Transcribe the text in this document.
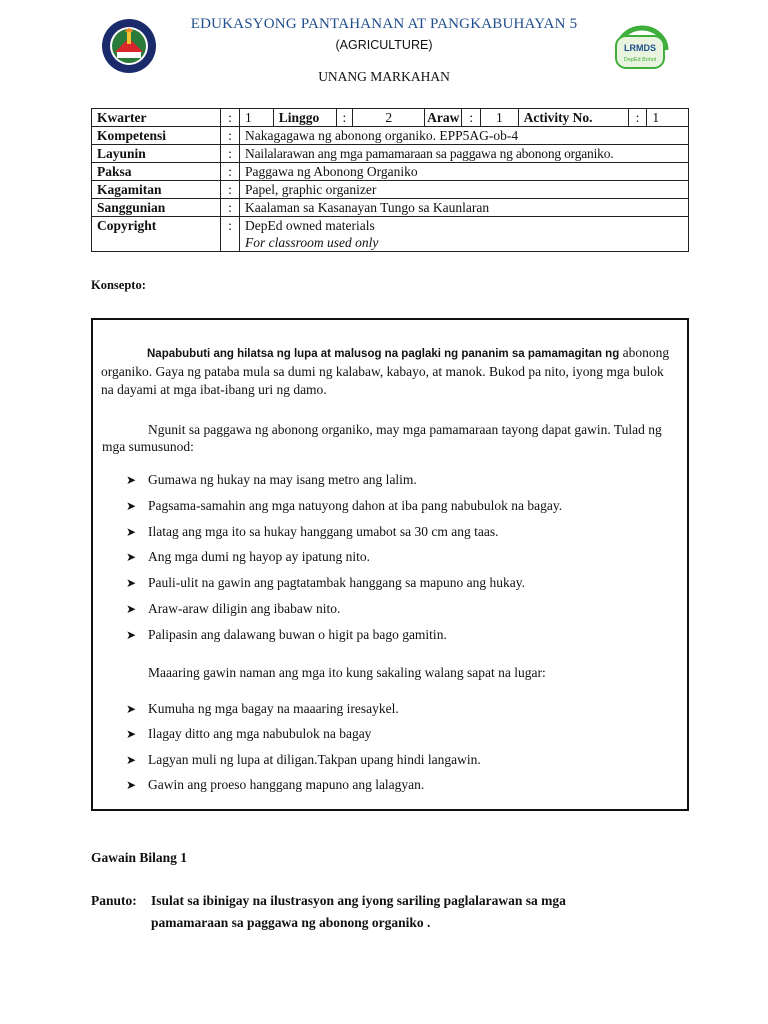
EDUKASYONG PANTAHANAN AT PANGKABUHAYAN 5
(AGRICULTURE)
UNANG MARKAHAN
LRMDS
DepEd Bohol
Kwarter	:	1	Linggo	:	2	Araw	:	1	Activity No.	:	1
Kompetensi	:	Nakagagawa ng abonong organiko. EPP5AG-ob-4									
Layunin	:	Nailalarawan ang mga pamamaraan sa paggawa ng abonong organiko.									
Paksa	:	Paggawa ng Abonong Organiko									
Kagamitan	:	Papel, graphic organizer									
Sanggunian	:	Kaalaman sa Kasanayan Tungo sa Kaunlaran									
Copyright	:	DepEd owned materials
For classroom used only									
Konsepto:
Napabubuti ang hilatsa ng lupa at malusog na paglaki ng pananim sa pamamagitan ng abonong organiko. Gaya ng pataba mula sa dumi ng kalabaw, kabayo, at manok. Bukod pa nito, iyong mga bulok na dayami at mga ibat-ibang uri ng damo.
Ngunit sa paggawa ng abonong organiko, may mga pamamaraan tayong dapat gawin. Tulad ng mga sumusunod:
➤ Gumawa ng hukay na may isang metro ang lalim.
➤ Pagsama-samahin ang mga natuyong dahon at iba pang nabubulok na bagay.
➤ Ilatag ang mga ito sa hukay hanggang umabot sa 30 cm ang taas.
➤ Ang mga dumi ng hayop ay ipatung nito.
➤ Pauli-ulit na gawin ang pagtatambak hanggang sa mapuno ang hukay.
➤ Araw-araw diligin ang ibabaw nito.
➤ Palipasin ang dalawang buwan o higit pa bago gamitin.
Maaaring gawin naman ang mga ito kung sakaling walang sapat na lugar:
➤ Kumuha ng mga bagay na maaaring iresaykel.
➤ Ilagay ditto ang mga nabubulok na bagay
➤ Lagyan muli ng lupa at diligan.Takpan upang hindi langawin.
➤ Gawin ang proeso hanggang mapuno ang lalagyan.
Gawain Bilang 1
Panuto: Isulat sa ibinigay na ilustrasyon ang iyong sariling paglalarawan sa mga
pamamaraan sa paggawa ng abonong organiko .
